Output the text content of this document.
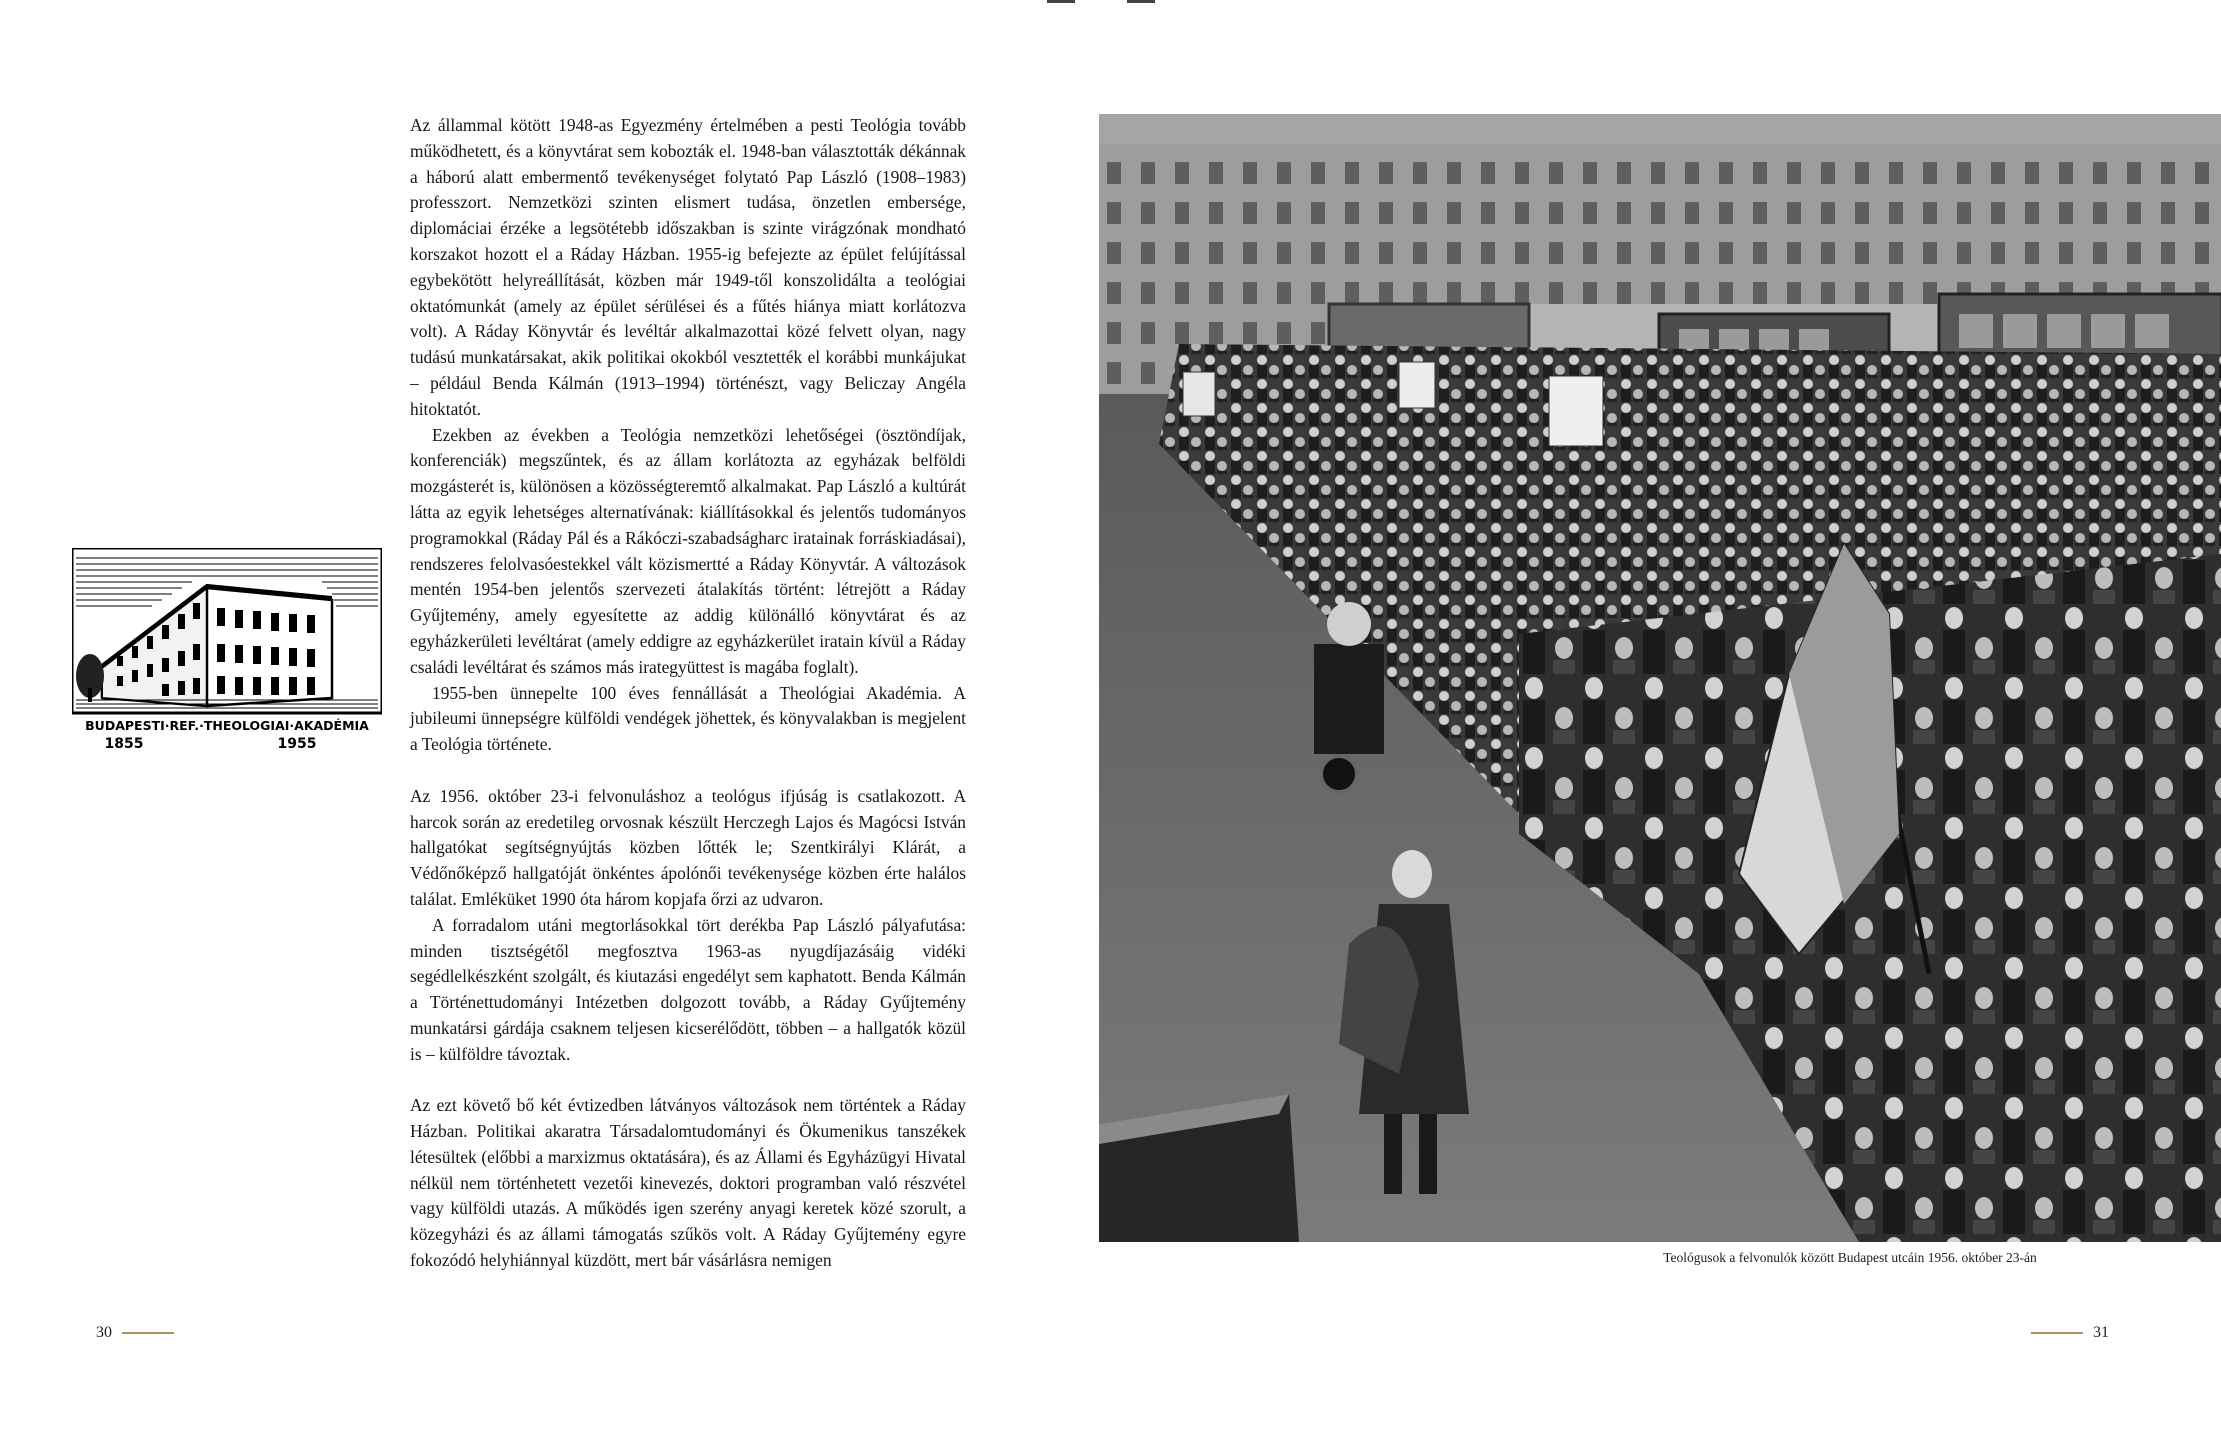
BUDAPESTI·REF.·THEOLOGIAI·AKADÉMIA
1855	1955

Az állammal kötött 1948-as Egyezmény értelmében a pesti Teológia tovább működhetett, és a könyvtárat sem kobozták el. 1948-ban választották dékánnak a háború alatt embermentő tevékenységet folytató Pap László (1908–1983) professzort. Nemzetközi szinten elismert tudása, önzetlen embersége, diplomáciai érzéke a legsötétebb időszakban is szinte virágzónak mondható korszakot hozott el a Ráday Házban. 1955-ig befejezte az épület felújítással egybekötött helyreállítását, közben már 1949-től konszolidálta a teológiai oktatómunkát (amely az épület sérülései és a fűtés hiánya miatt korlátozva volt). A Ráday Könyvtár és levéltár alkalmazottai közé felvett olyan, nagy tudású munkatársakat, akik politikai okokból vesztették el korábbi munkájukat – például Benda Kálmán (1913–1994) történészt, vagy Beliczay Angéla hitoktatót.

Ezekben az években a Teológia nemzetközi lehetőségei (ösztöndíjak, konferenciák) megszűntek, és az állam korlátozta az egyházak belföldi mozgásterét is, különösen a közösségteremtő alkalmakat. Pap László a kultúrát látta az egyik lehetséges alternatívának: kiállításokkal és jelentős tudományos programokkal (Ráday Pál és a Rákóczi-szabadságharc iratainak forráskiadásai), rendszeres felolvasóestekkel vált közismertté a Ráday Könyvtár. A változások mentén 1954-ben jelentős szervezeti átalakítás történt: létrejött a Ráday Gyűjtemény, amely egyesítette az addig különálló könyvtárat és az egyházkerületi levéltárat (amely eddigre az egyházkerület iratain kívül a Ráday családi levéltárat és számos más irategyüttest is magába foglalt).

1955-ben ünnepelte 100 éves fennállását a Theológiai Akadémia. A jubileumi ünnepségre külföldi vendégek jöhettek, és könyvalakban is megjelent a Teológia története.

Az 1956. október 23-i felvonuláshoz a teológus ifjúság is csatlakozott. A harcok során az eredetileg orvosnak készült Herczegh Lajos és Magócsi István hallgatókat segítségnyújtás közben lőtték le; Szentkirályi Klárát, a Védőnőképző hallgatóját önkéntes ápolónői tevékenysége közben érte halálos találat. Emléküket 1990 óta három kopjafa őrzi az udvaron.

A forradalom utáni megtorlásokkal tört derékba Pap László pályafutása: minden tisztségétől megfosztva 1963-as nyugdíjazásáig vidéki segédlelkészként szolgált, és kiutazási engedélyt sem kaphatott. Benda Kálmán a Történettudományi Intézetben dolgozott tovább, a Ráday Gyűjtemény munkatársi gárdája csaknem teljesen kicserélődött, többen – a hallgatók közül is – külföldre távoztak.

Az ezt követő bő két évtizedben látványos változások nem történtek a Ráday Házban. Politikai akaratra Társadalomtudományi és Ökumenikus tanszékek létesültek (előbbi a marxizmus oktatására), és az Állami és Egyházügyi Hivatal nélkül nem történhetett vezetői kinevezés, doktori programban való részvétel vagy külföldi utazás. A működés igen szerény anyagi keretek közé szorult, a közegyházi és az állami támogatás szűkös volt. A Ráday Gyűjtemény egyre fokozódó helyhiánnyal küzdött, mert bár vásárlásra nemigen	Teológusok a felvonulók között Budapest utcáin 1956. október 23-án
30	31
